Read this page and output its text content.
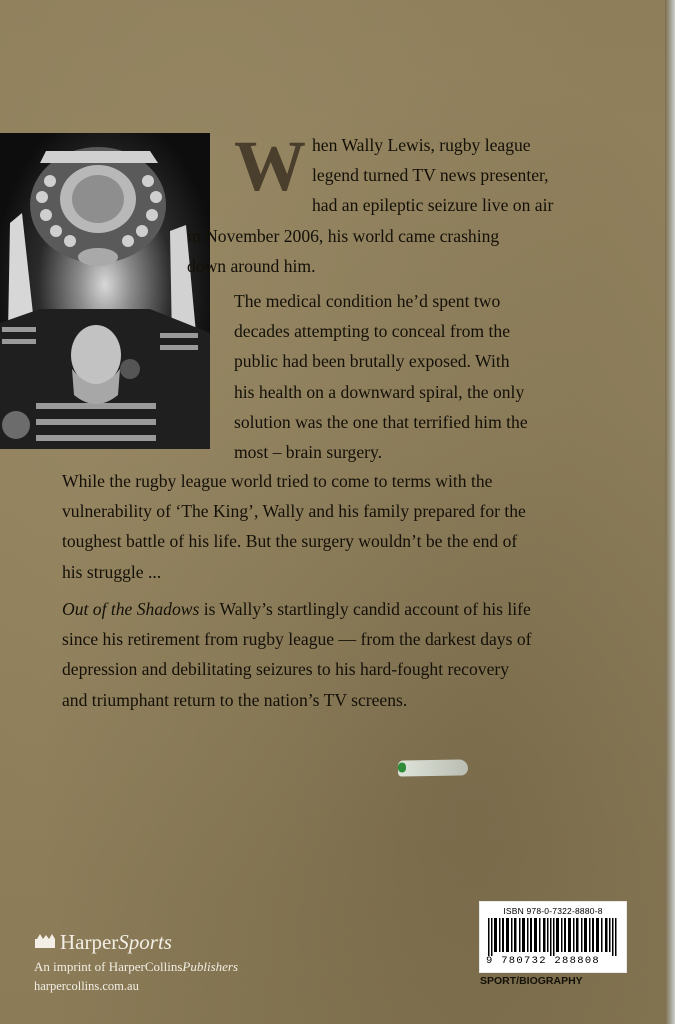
W hen Wally Lewis, rugby league
legend turned TV news presenter,
had an epileptic seizure live on air
in November 2006, his world came crashing
down around him.
The medical condition he’d spent two
decades attempting to conceal from the
public had been brutally exposed. With
his health on a downward spiral, the only
solution was the one that terrified him the
most – brain surgery.
While the rugby league world tried to come to terms with the
vulnerability of ‘The King’, Wally and his family prepared for the
toughest battle of his life. But the surgery wouldn’t be the end of
his struggle ...
Out of the Shadows is Wally’s startlingly candid account of his life
since his retirement from rugby league — from the darkest days of
depression and debilitating seizures to his hard-fought recovery
and triumphant return to the nation’s TV screens.
Harper Sports
An imprint of HarperCollinsPublishers
harpercollins.com.au
ISBN 978-0-7322-8880-8
9 780732 288808
SPORT/BIOGRAPHY
